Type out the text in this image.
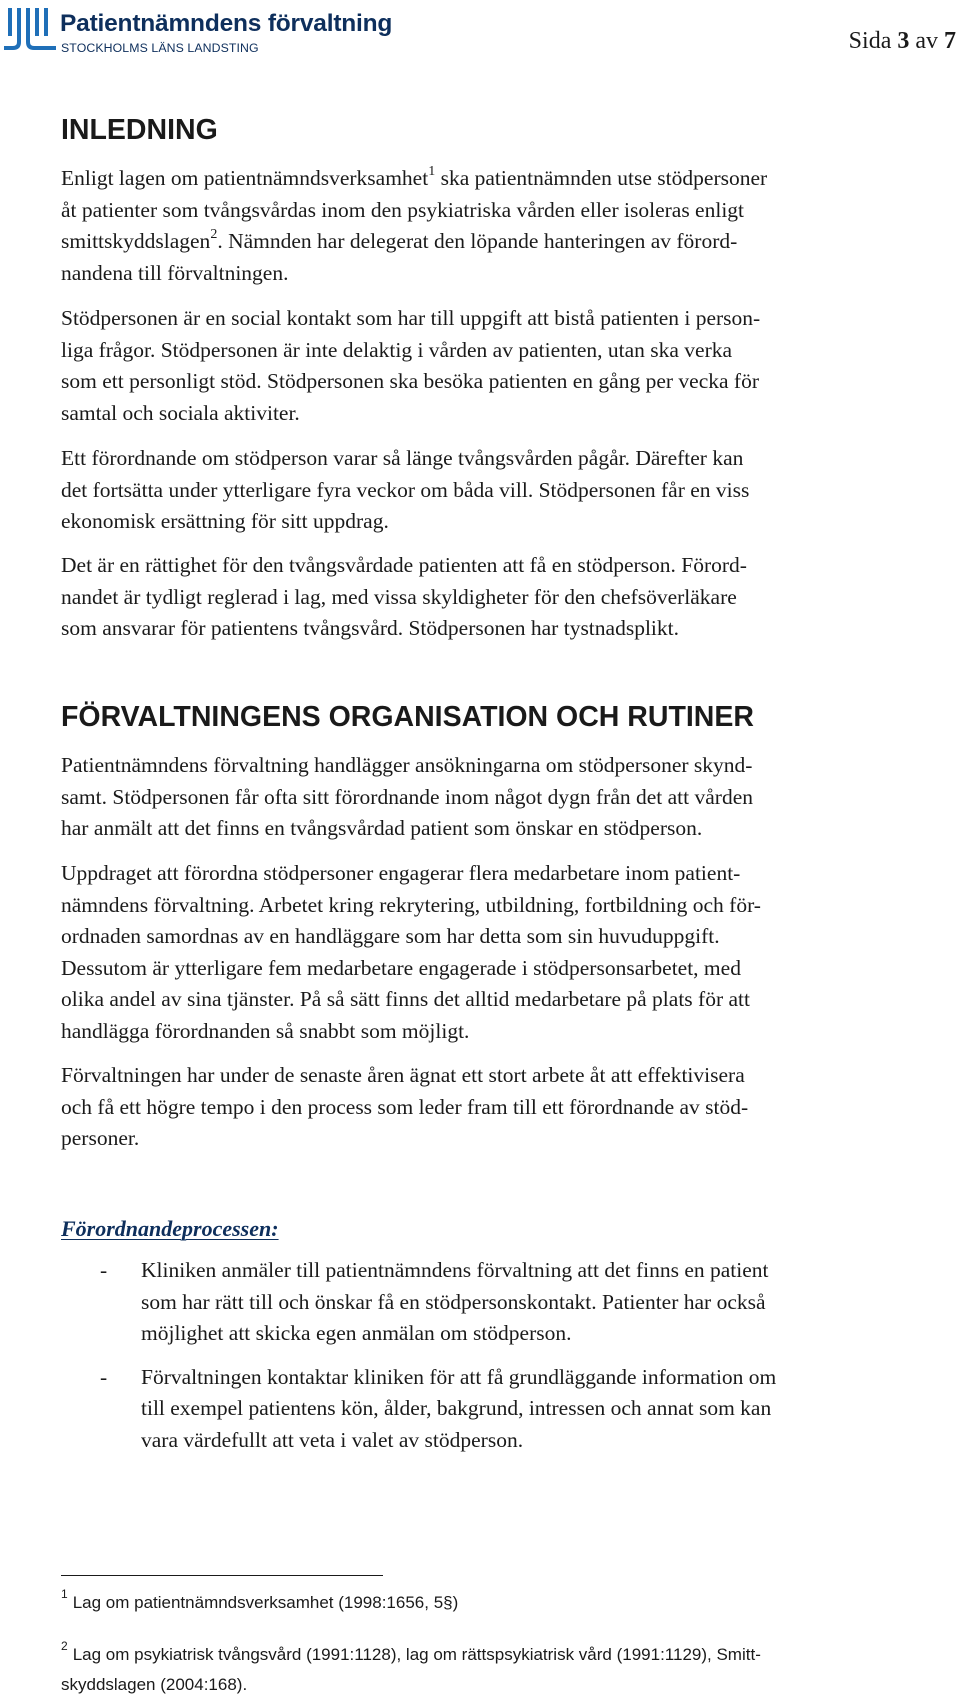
Patientnämndens förvaltning
STOCKHOLMS LÄNS LANDSTING	Sida 3 av 7
INLEDNING

Enligt lagen om patientnämndsverksamhet$^1$ ska patientnämnden utse stödpersoner
åt patienter som tvångsvårdas inom den psykiatriska vården eller isoleras enligt
smittskyddslagen$^2$. Nämnden har delegerat den löpande hanteringen av förord-
nandena till förvaltningen.

Stödpersonen är en social kontakt som har till uppgift att bistå patienten i person-
liga frågor. Stödpersonen är inte delaktig i vården av patienten, utan ska verka
som ett personligt stöd. Stödpersonen ska besöka patienten en gång per vecka för
samtal och sociala aktiviter.

Ett förordnande om stödperson varar så länge tvångsvården pågår. Därefter kan
det fortsätta under ytterligare fyra veckor om båda vill. Stödpersonen får en viss
ekonomisk ersättning för sitt uppdrag.

Det är en rättighet för den tvångsvårdade patienten att få en stödperson. Förord-
nandet är tydligt reglerad i lag, med vissa skyldigheter för den chefsöverläkare
som ansvarar för patientens tvångsvård. Stödpersonen har tystnadsplikt.

FÖRVALTNINGENS ORGANISATION OCH RUTINER

Patientnämndens förvaltning handlägger ansökningarna om stödpersoner skynd-
samt. Stödpersonen får ofta sitt förordnande inom något dygn från det att vården
har anmält att det finns en tvångsvårdad patient som önskar en stödperson.

Uppdraget att förordna stödpersoner engagerar flera medarbetare inom patient-
nämndens förvaltning. Arbetet kring rekrytering, utbildning, fortbildning och för-
ordnaden samordnas av en handläggare som har detta som sin huvuduppgift.
Dessutom är ytterligare fem medarbetare engagerade i stödpersonsarbetet, med
olika andel av sina tjänster. På så sätt finns det alltid medarbetare på plats för att
handlägga förordnanden så snabbt som möjligt.

Förvaltningen har under de senaste åren ägnat ett stort arbete åt att effektivisera
och få ett högre tempo i den process som leder fram till ett förordnande av stöd-
personer.

Förordnandeprocessen:
- Kliniken anmäler till patientnämndens förvaltning att det finns en patient
som har rätt till och önskar få en stödpersonskontakt. Patienter har också
möjlighet att skicka egen anmälan om stödperson.
- Förvaltningen kontaktar kliniken för att få grundläggande information om
till exempel patientens kön, ålder, bakgrund, intressen och annat som kan
vara värdefullt att veta i valet av stödperson.

$^1$ Lag om patientnämndsverksamhet (1998:1656, 5§)

$^2$ Lag om psykiatrisk tvångsvård (1991:1128), lag om rättspsykiatrisk vård (1991:1129), Smitt-
skyddslagen (2004:168).
